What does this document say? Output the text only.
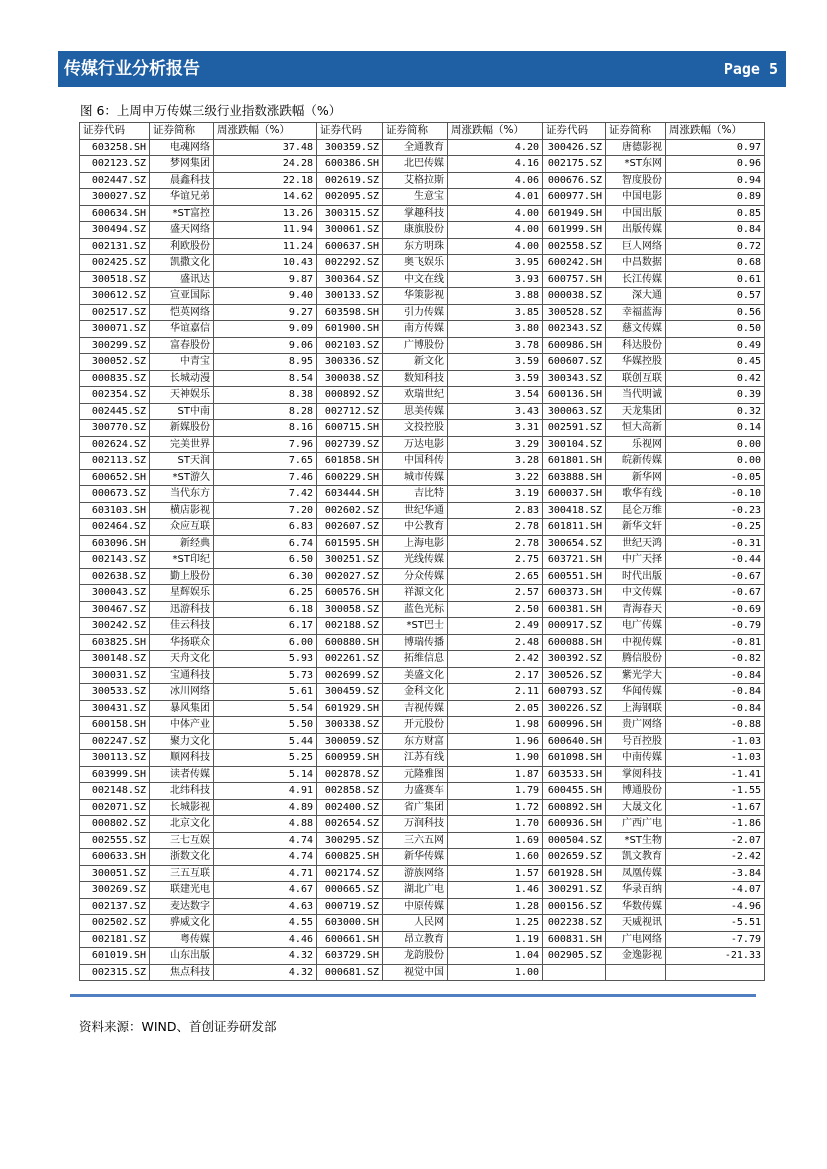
传媒行业分析报告	Page 5
图 6：上周申万传媒三级行业指数涨跌幅（%）
证券代码	证券简称	周涨跌幅（%）	证券代码	证券简称	周涨跌幅（%）	证券代码	证券简称	周涨跌幅（%）
603258.SH	电魂网络	37.48	300359.SZ	全通教育	4.20	300426.SZ	唐德影视	0.97
002123.SZ	梦网集团	24.28	600386.SH	北巴传媒	4.16	002175.SZ	*ST东网	0.96
002447.SZ	晨鑫科技	22.18	002619.SZ	艾格拉斯	4.06	000676.SZ	智度股份	0.94
300027.SZ	华谊兄弟	14.62	002095.SZ	生意宝	4.01	600977.SH	中国电影	0.89
600634.SH	*ST富控	13.26	300315.SZ	掌趣科技	4.00	601949.SH	中国出版	0.85
300494.SZ	盛天网络	11.94	300061.SZ	康旗股份	4.00	601999.SH	出版传媒	0.84
002131.SZ	利欧股份	11.24	600637.SH	东方明珠	4.00	002558.SZ	巨人网络	0.72
002425.SZ	凯撒文化	10.43	002292.SZ	奥飞娱乐	3.95	600242.SH	中昌数据	0.68
300518.SZ	盛讯达	9.87	300364.SZ	中文在线	3.93	600757.SH	长江传媒	0.61
300612.SZ	宣亚国际	9.40	300133.SZ	华策影视	3.88	000038.SZ	深大通	0.57
002517.SZ	恺英网络	9.27	603598.SH	引力传媒	3.85	300528.SZ	幸福蓝海	0.56
300071.SZ	华谊嘉信	9.09	601900.SH	南方传媒	3.80	002343.SZ	慈文传媒	0.50
300299.SZ	富春股份	9.06	002103.SZ	广博股份	3.78	600986.SH	科达股份	0.49
300052.SZ	中青宝	8.95	300336.SZ	新文化	3.59	600607.SZ	华媒控股	0.45
000835.SZ	长城动漫	8.54	300038.SZ	数知科技	3.59	300343.SZ	联创互联	0.42
002354.SZ	天神娱乐	8.38	000892.SZ	欢瑞世纪	3.54	600136.SH	当代明诚	0.39
002445.SZ	ST中南	8.28	002712.SZ	思美传媒	3.43	300063.SZ	天龙集团	0.32
300770.SZ	新媒股份	8.16	600715.SH	文投控股	3.31	002591.SZ	恒大高新	0.14
002624.SZ	完美世界	7.96	002739.SZ	万达电影	3.29	300104.SZ	乐视网	0.00
002113.SZ	ST天润	7.65	601858.SH	中国科传	3.28	601801.SH	皖新传媒	0.00
600652.SH	*ST游久	7.46	600229.SH	城市传媒	3.22	603888.SH	新华网	-0.05
000673.SZ	当代东方	7.42	603444.SH	吉比特	3.19	600037.SH	歌华有线	-0.10
603103.SH	横店影视	7.20	002602.SZ	世纪华通	2.83	300418.SZ	昆仑万维	-0.23
002464.SZ	众应互联	6.83	002607.SZ	中公教育	2.78	601811.SH	新华文轩	-0.25
603096.SH	新经典	6.74	601595.SH	上海电影	2.78	300654.SZ	世纪天鸿	-0.31
002143.SZ	*ST印纪	6.50	300251.SZ	光线传媒	2.75	603721.SH	中广天择	-0.44
002638.SZ	勤上股份	6.30	002027.SZ	分众传媒	2.65	600551.SH	时代出版	-0.67
300043.SZ	星辉娱乐	6.25	600576.SH	祥源文化	2.57	600373.SH	中文传媒	-0.67
300467.SZ	迅游科技	6.18	300058.SZ	蓝色光标	2.50	600381.SH	青海春天	-0.69
300242.SZ	佳云科技	6.17	002188.SZ	*ST巴士	2.49	000917.SZ	电广传媒	-0.79
603825.SH	华扬联众	6.00	600880.SH	博瑞传播	2.48	600088.SH	中视传媒	-0.81
300148.SZ	天舟文化	5.93	002261.SZ	拓维信息	2.42	300392.SZ	腾信股份	-0.82
300031.SZ	宝通科技	5.73	002699.SZ	美盛文化	2.17	300526.SZ	紫光学大	-0.84
300533.SZ	冰川网络	5.61	300459.SZ	金科文化	2.11	600793.SZ	华闻传媒	-0.84
300431.SZ	暴风集团	5.54	601929.SH	吉视传媒	2.05	300226.SZ	上海钢联	-0.84
600158.SH	中体产业	5.50	300338.SZ	开元股份	1.98	600996.SH	贵广网络	-0.88
002247.SZ	聚力文化	5.44	300059.SZ	东方财富	1.96	600640.SH	号百控股	-1.03
300113.SZ	顺网科技	5.25	600959.SH	江苏有线	1.90	601098.SH	中南传媒	-1.03
603999.SH	读者传媒	5.14	002878.SZ	元隆雅图	1.87	603533.SH	掌阅科技	-1.41
002148.SZ	北纬科技	4.91	002858.SZ	力盛赛车	1.79	600455.SH	博通股份	-1.55
002071.SZ	长城影视	4.89	002400.SZ	省广集团	1.72	600892.SH	大晟文化	-1.67
000802.SZ	北京文化	4.88	002654.SZ	万润科技	1.70	600936.SH	广西广电	-1.86
002555.SZ	三七互娱	4.74	300295.SZ	三六五网	1.69	000504.SZ	*ST生物	-2.07
600633.SH	浙数文化	4.74	600825.SH	新华传媒	1.60	002659.SZ	凯文教育	-2.42
300051.SZ	三五互联	4.71	002174.SZ	游族网络	1.57	601928.SH	凤凰传媒	-3.84
300269.SZ	联建光电	4.67	000665.SZ	湖北广电	1.46	300291.SZ	华录百纳	-4.07
002137.SZ	麦达数字	4.63	000719.SZ	中原传媒	1.28	000156.SZ	华数传媒	-4.96
002502.SZ	骅威文化	4.55	603000.SH	人民网	1.25	002238.SZ	天威视讯	-5.51
002181.SZ	粤传媒	4.46	600661.SH	昂立教育	1.19	600831.SH	广电网络	-7.79
601019.SH	山东出版	4.32	603729.SH	龙韵股份	1.04	002905.SZ	金逸影视	-21.33
002315.SZ	焦点科技	4.32	000681.SZ	视觉中国	1.00			
资料来源：WIND、首创证券研发部
